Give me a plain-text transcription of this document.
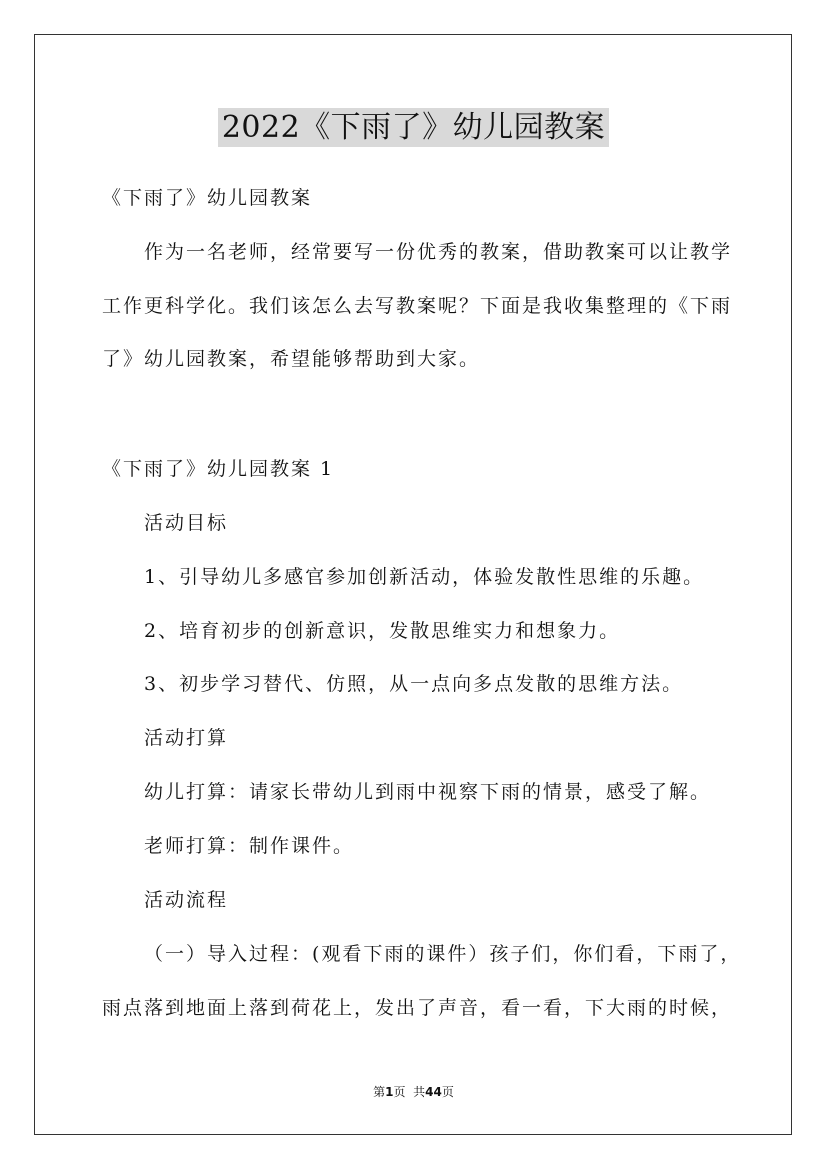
2022《下雨了》幼儿园教案
《下雨了》幼儿园教案
作为一名老师，经常要写一份优秀的教案，借助教案可以让教学
工作更科学化。我们该怎么去写教案呢？下面是我收集整理的《下雨
了》幼儿园教案，希望能够帮助到大家。
《下雨了》幼儿园教案 1
活动目标
1、引导幼儿多感官参加创新活动，体验发散性思维的乐趣。
2、培育初步的创新意识，发散思维实力和想象力。
3、初步学习替代、仿照，从一点向多点发散的思维方法。
活动打算
幼儿打算：请家长带幼儿到雨中视察下雨的情景，感受了解。
老师打算：制作课件。
活动流程
（一）导入过程：(观看下雨的课件）孩子们，你们看，下雨了，
雨点落到地面上落到荷花上，发出了声音，看一看，下大雨的时候，
第1页  共44页
